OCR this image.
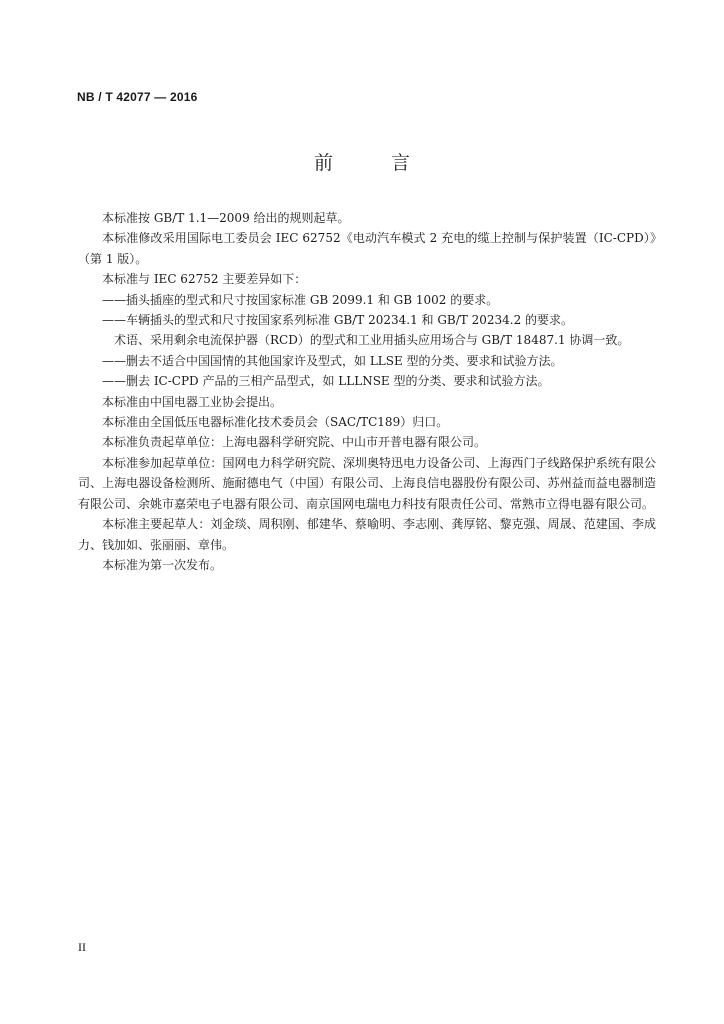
NB / T 42077 — 2016
前 言

本标准按 GB/T 1.1—2009 给出的规则起草。

本标准修改采用国际电工委员会 IEC 62752《电动汽车模式 2 充电的缆上控制与保护装置（IC-CPD）》（第 1 版）。

本标准与 IEC 62752 主要差异如下：

——插头插座的型式和尺寸按国家标准 GB 2099.1 和 GB 1002 的要求。

——车辆插头的型式和尺寸按国家系列标准 GB/T 20234.1 和 GB/T 20234.2 的要求。

术语、采用剩余电流保护器（RCD）的型式和工业用插头应用场合与 GB/T 18487.1 协调一致。

——删去不适合中国国情的其他国家许及型式，如 LLSE 型的分类、要求和试验方法。

——删去 IC-CPD 产品的三相产品型式，如 LLLNSE 型的分类、要求和试验方法。

本标准由中国电器工业协会提出。

本标准由全国低压电器标准化技术委员会（SAC/TC189）归口。

本标准负责起草单位：上海电器科学研究院、中山市开普电器有限公司。

本标准参加起草单位：国网电力科学研究院、深圳奥特迅电力设备公司、上海西门子线路保护系统有限公司、上海电器设备检测所、施耐德电气（中国）有限公司、上海良信电器股份有限公司、苏州益而益电器制造有限公司、余姚市嘉荣电子电器有限公司、南京国网电瑞电力科技有限责任公司、常熟市立得电器有限公司。

本标准主要起草人：刘金琰、周积刚、郁建华、蔡喻明、李志刚、龚厚铭、黎克强、周晟、范建国、李成力、钱加如、张丽丽、章伟。

本标准为第一次发布。

II
